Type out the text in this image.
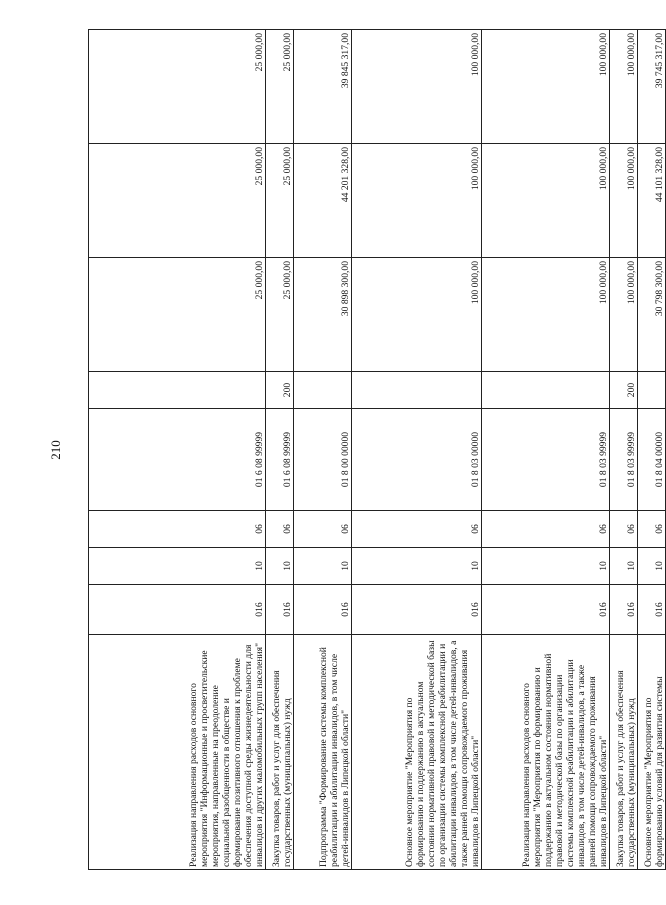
210
Реализация направления расходов основного мероприятия "Информационные и просветительские мероприятия, направленные на преодоление социальной разобщенности в обществе и формирование позитивного отношения к проблеме обеспечения доступной среды жизнедеятельности для инвалидов и других маломобильных групп населения"	016	10	06	01 6 08 99999		25 000,00	25 000,00	25 000,00
Закупка товаров, работ и услуг для обеспечения государственных (муниципальных) нужд	016	10	06	01 6 08 99999	200	25 000,00	25 000,00	25 000,00
Подпрограмма "Формирование системы комплексной реабилитации и абилитации инвалидов, в том числе детей-инвалидов в Липецкой области"	016	10	06	01 8 00 00000		30 898 300,00	44 201 328,00	39 845 317,00
Основное мероприятие "Мероприятия по формированию и поддержанию в актуальном состоянии нормативной правовой и методической базы по организации системы комплексной реабилитации и абилитации инвалидов, в том числе детей-инвалидов, а также ранней помощи сопровождаемого проживания инвалидов в Липецкой области"	016	10	06	01 8 03 00000		100 000,00	100 000,00	100 000,00
Реализация направления расходов основного мероприятия "Мероприятия по формированию и поддержанию в актуальном состоянии нормативной правовой и методической базы по организации системы комплексной реабилитации и абилитации инвалидов, в том числе детей-инвалидов, а также ранней помощи сопровождаемого проживания инвалидов в Липецкой области"	016	10	06	01 8 03 99999		100 000,00	100 000,00	100 000,00
Закупка товаров, работ и услуг для обеспечения государственных (муниципальных) нужд	016	10	06	01 8 03 99999	200	100 000,00	100 000,00	100 000,00
Основное мероприятие "Мероприятия по формированию условий для развития системы	016	10	06	01 8 04 00000		30 798 300,00	44 101 328,00	39 745 317,00
